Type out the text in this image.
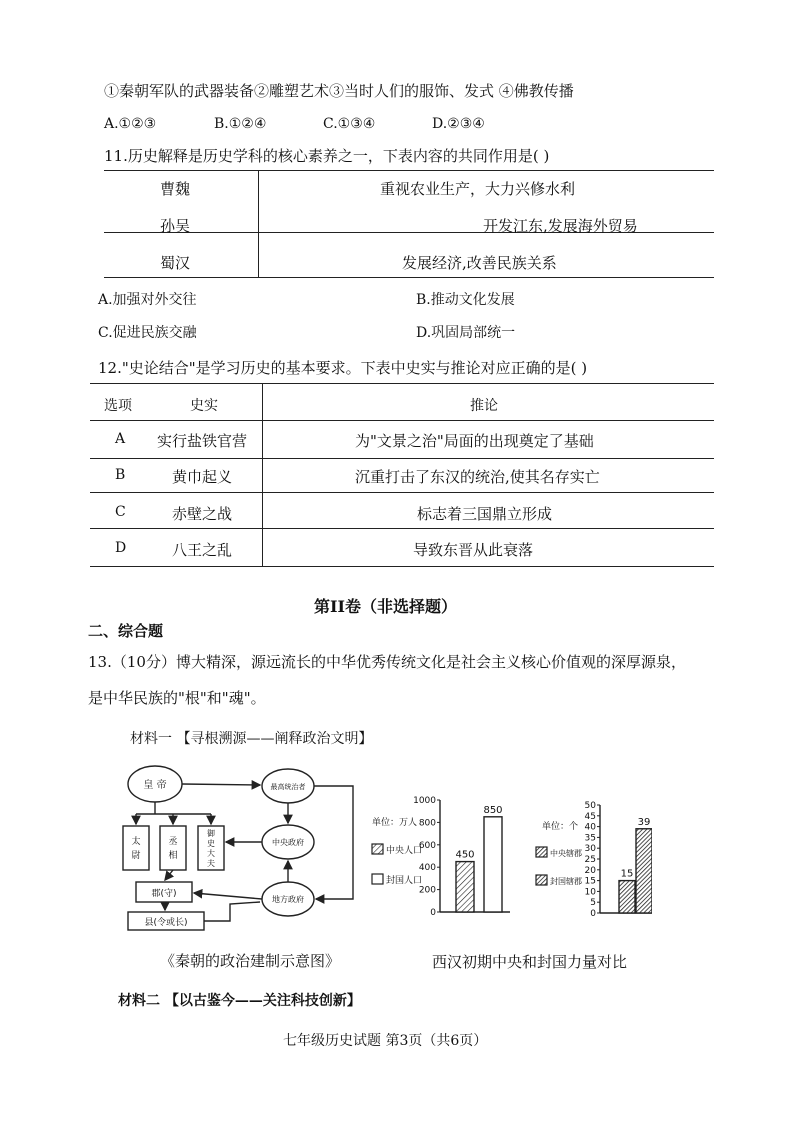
①秦朝军队的武器装备②雕塑艺术③当时人们的服饰、发式 ④佛教传播
A.①②③	B.①②④	C.①③④	D.②③④
11.历史解释是历史学科的核心素养之一，下表内容的共同作用是( )
曹魏	重视农业生产，大力兴修水利
孙吴	开发江东,发展海外贸易
蜀汉	发展经济,改善民族关系
A.加强对外交往	B.推动文化发展
C.促进民族交融	D.巩固局部统一
12."史论结合"是学习历史的基本要求。下表中史实与推论对应正确的是( )
选项	史实	推论
A 实行盐铁官营	为"文景之治"局面的出现奠定了基础
B	黄巾起义	沉重打击了东汉的统治,使其名存实亡
C	赤壁之战	标志着三国鼎立形成
D	八王之乱	导致东晋从此衰落
第II卷（非选择题）
二、综合题
13.（10分）博大精深，源远流长的中华优秀传统文化是社会主义核心价值观的深厚源泉，
是中华民族的"根"和"魂"。
材料一 【寻根溯源——阐释政治文明】
皇 帝	最高统治者
中央政府
地方政府
郡(守)
县(令或长)
太
尉
丞
相
御
史
大
夫
《秦朝的政治建制示意图》
0
200
400
600
800
1000
450
850
中央人口
封国人口
单位：万人
0
5
10
15
20
25
30
35
40
45
50
15
39
中央辖郡
封国辖郡
单位：个
西汉初期中央和封国力量对比
材料二 【以古鉴今——关注科技创新】
七年级历史试题 第3页（共6页）
